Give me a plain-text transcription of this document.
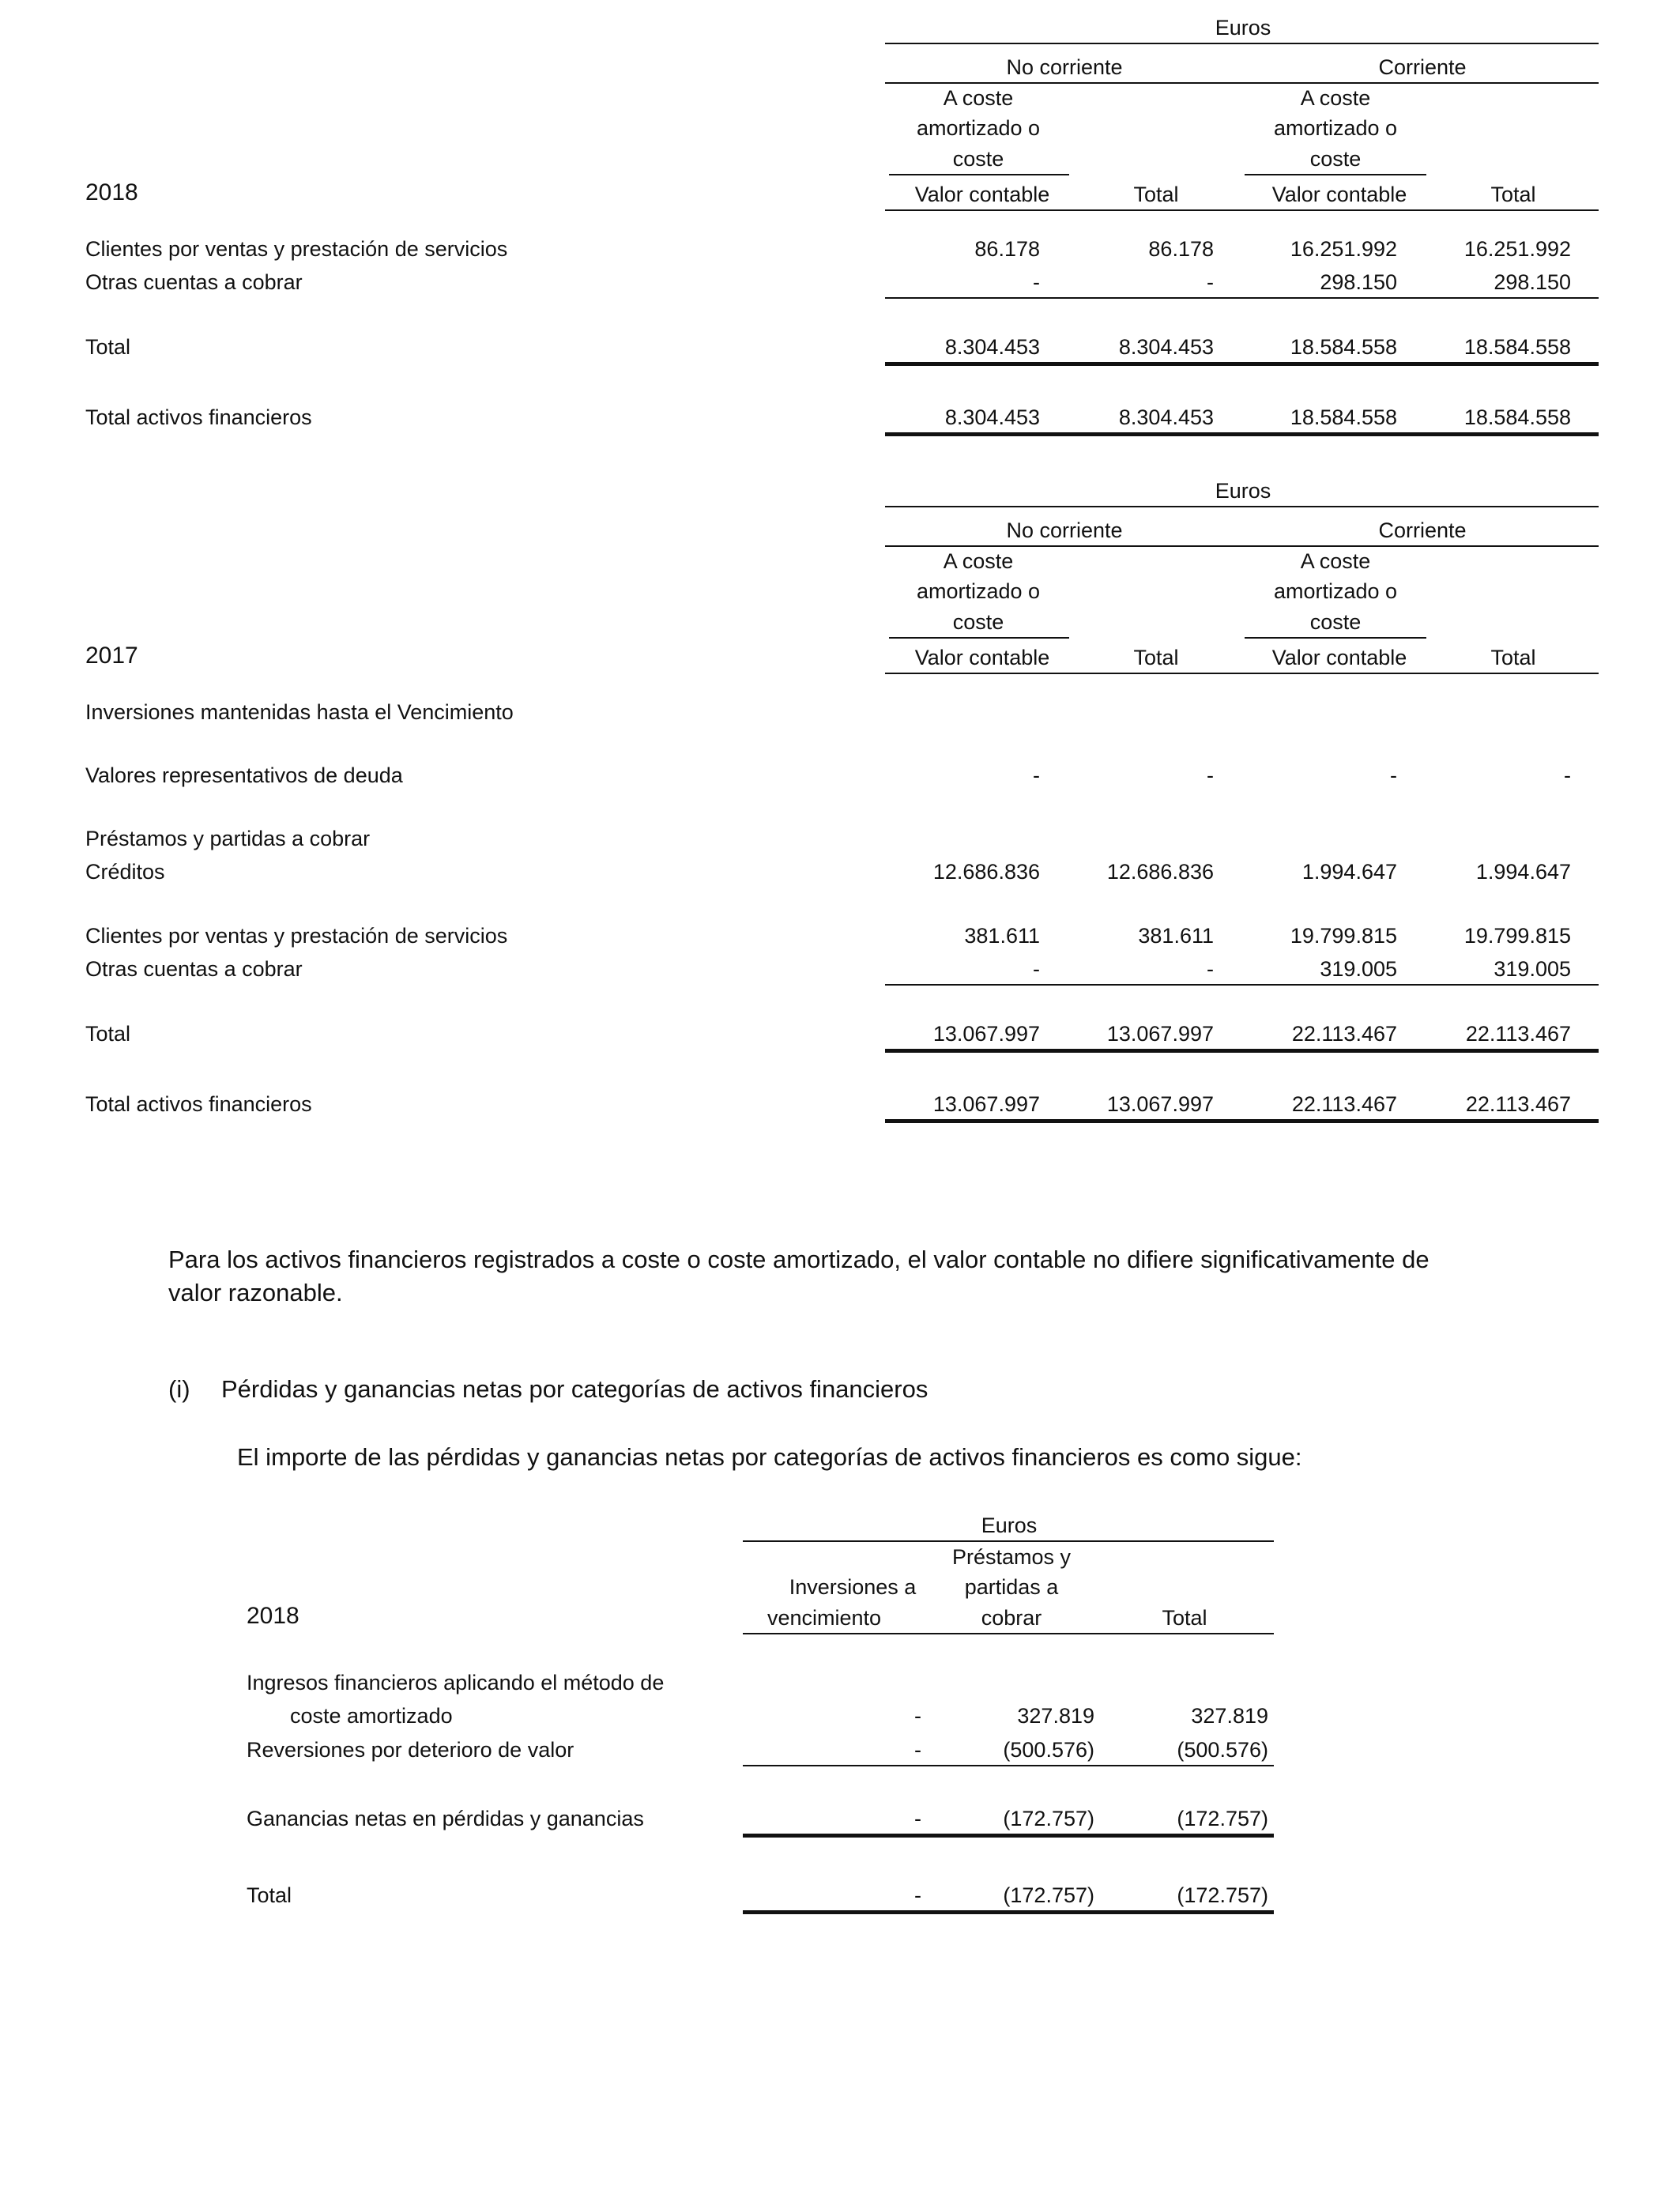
Euros
No corriente	Corriente
A coste
amortizado o
coste
A coste
amortizado o
coste
2018	Valor contable	Total	Valor contable	Total
Clientes por ventas y prestación de servicios	86.178	86.178	16.251.992	16.251.992
Otras cuentas a cobrar	-	-	298.150	298.150
Total	8.304.453	8.304.453	18.584.558	18.584.558
Total activos financieros	8.304.453	8.304.453	18.584.558	18.584.558
Euros
No corriente	Corriente
A coste
amortizado o
coste
A coste
amortizado o
coste
2017	Valor contable	Total	Valor contable	Total
Inversiones mantenidas hasta el Vencimiento
Valores representativos de deuda	-	-	-	-
Préstamos y partidas a cobrar
Créditos	12.686.836	12.686.836	1.994.647	1.994.647
Clientes por ventas y prestación de servicios	381.611	381.611	19.799.815	19.799.815
Otras cuentas a cobrar	-	-	319.005	319.005
Total	13.067.997	13.067.997	22.113.467	22.113.467
Total activos financieros	13.067.997	13.067.997	22.113.467	22.113.467
Para los activos financieros registrados a coste o coste amortizado, el valor contable no difiere significativamente de
valor razonable.
(i) Pérdidas y ganancias netas por categorías de activos financieros
El importe de las pérdidas y ganancias netas por categorías de activos financieros es como sigue:
Euros
Préstamos y
Inversiones a partidas a
2018	vencimiento	cobrar	Total
Ingresos financieros aplicando el método de
coste amortizado	-	327.819	327.819
Reversiones por deterioro de valor	-	(500.576)	(500.576)
Ganancias netas en pérdidas y ganancias	-	(172.757)	(172.757)
Total	-	(172.757)	(172.757)
